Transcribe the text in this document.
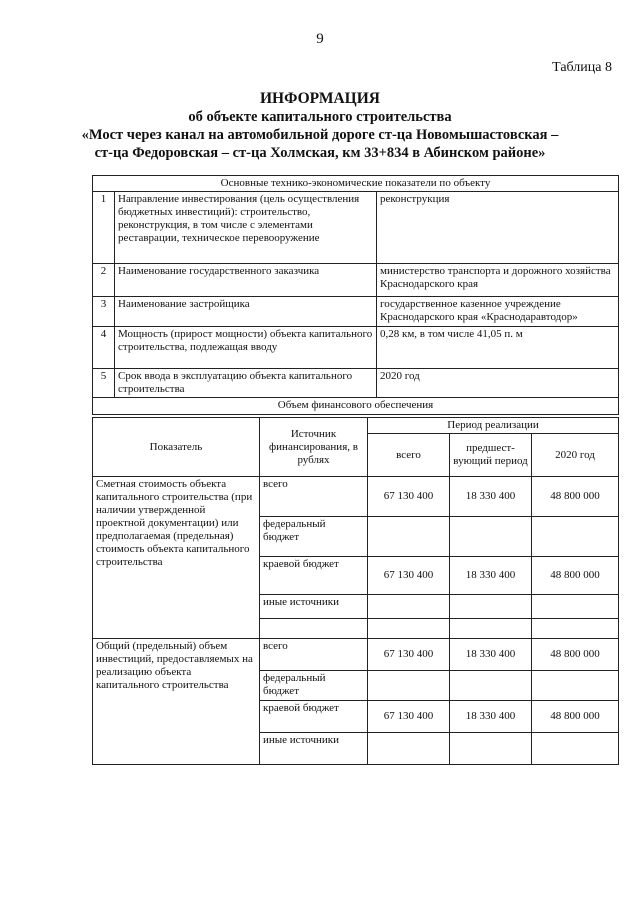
9
Таблица 8
ИНФОРМАЦИЯ
об объекте капитального строительства
«Мост через канал на автомобильной дороге ст-ца Новомышастовская –
ст-ца Федоровская – ст-ца Холмская, км 33+834 в Абинском районе»
Основные технико-экономические показатели по объекту		
1	Направление инвестирования (цель осуществления бюджетных инвестиций): строительство, реконструкция, в том числе с элементами реставрации, техническое перевооружение	реконструкция
2	Наименование государственного заказчика	министерство транспорта и дорожного хозяйства Краснодарского края
3	Наименование застройщика	государственное казенное учреждение Краснодарского края «Краснодаравтодор»
4	Мощность (прирост мощности) объекта капитального строительства, подлежащая вводу	0,28 км, в том числе 41,05 п. м
5	Срок ввода в эксплуатацию объекта капитального строительства	2020 год
Объем финансового обеспечения		
Показатель	Источник финансирования, в рублях	Период реализации		
		всего	предшест-вующий период	2020 год
Сметная стоимость объекта капитального строительства (при наличии утвержденной проектной документации) или предполагаемая (предельная) стоимость объекта капитального строительства	всего	67 130 400	18 330 400	48 800 000
	федеральный бюджет			
	краевой бюджет	67 130 400	18 330 400	48 800 000
	иные источники			

Общий (предельный) объем инвестиций, предоставляемых на реализацию объекта капитального строительства	всего	67 130 400	18 330 400	48 800 000
	федеральный бюджет			
	краевой бюджет	67 130 400	18 330 400	48 800 000
	иные источники			
